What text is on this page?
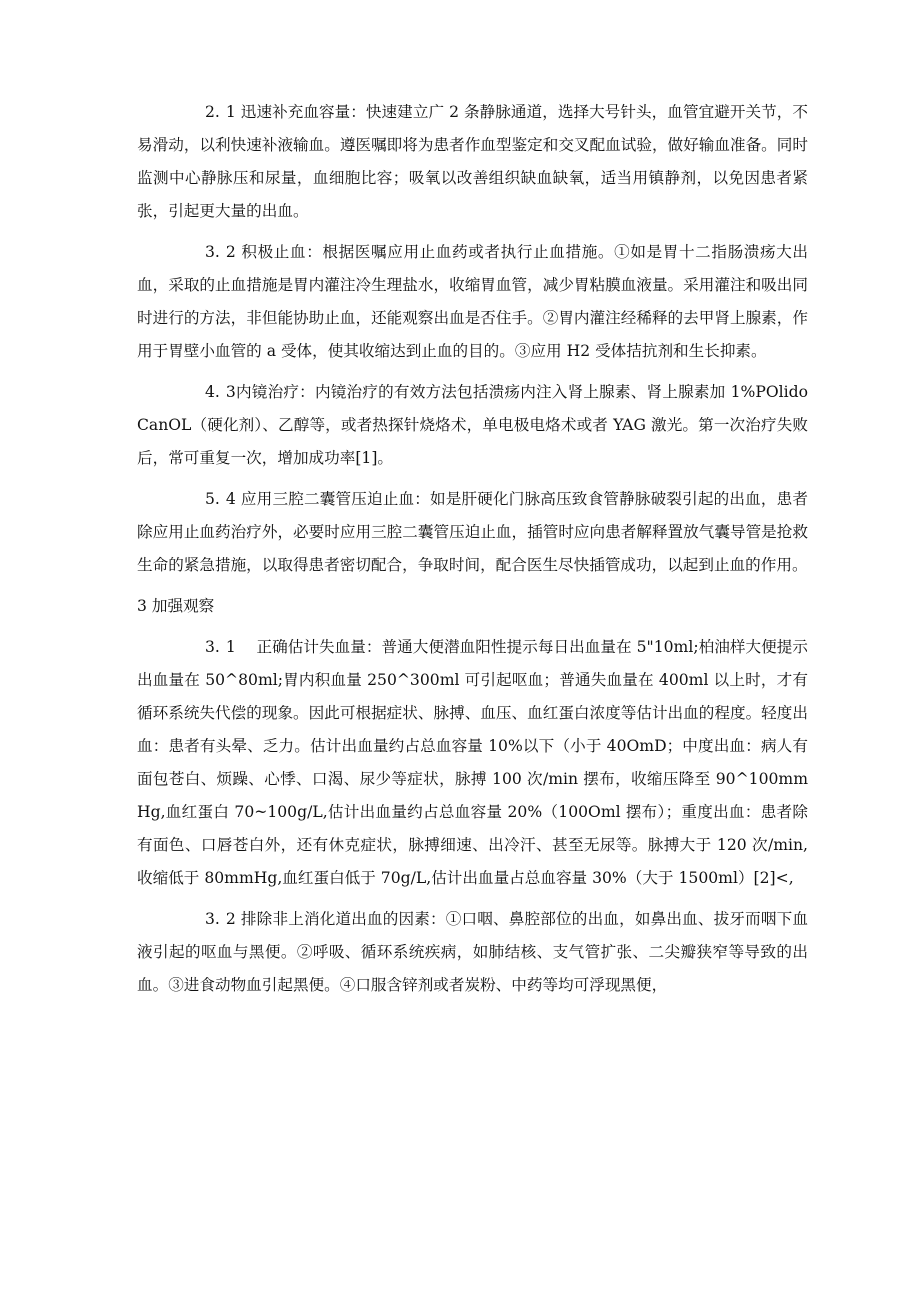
2. 1 迅速补充血容量：快速建立广 2 条静脉通道，选择大号针头，血管宜避开关节，不易滑动，以利快速补液输血。遵医嘱即将为患者作血型鉴定和交叉配血试验，做好输血准备。同时监测中心静脉压和尿量，血细胞比容；吸氧以改善组织缺血缺氧，适当用镇静剂，以免因患者紧张，引起更大量的出血。

3. 2 积极止血：根据医嘱应用止血药或者执行止血措施。①如是胃十二指肠溃疡大出血，采取的止血措施是胃内灌注冷生理盐水，收缩胃血管，减少胃粘膜血液量。采用灌注和吸出同时进行的方法，非但能协助止血，还能观察出血是否住手。②胃内灌注经稀释的去甲肾上腺素，作用于胃壁小血管的 a 受体，使其收缩达到止血的目的。③应用 H2 受体拮抗剂和生长抑素。

4. 3内镜治疗：内镜治疗的有效方法包括溃疡内注入肾上腺素、肾上腺素加 1%POlidoCanOL（硬化剂）、乙醇等，或者热探针烧烙术，单电极电烙术或者 YAG 激光。第一次治疗失败后，常可重复一次，增加成功率[1]。

5. 4 应用三腔二囊管压迫止血：如是肝硬化门脉高压致食管静脉破裂引起的出血，患者除应用止血药治疗外，必要时应用三腔二囊管压迫止血，插管时应向患者解释置放气囊导管是抢救生命的紧急措施，以取得患者密切配合，争取时间，配合医生尽快插管成功，以起到止血的作用。

3 加强观察

3. 1　 正确估计失血量：普通大便潜血阳性提示每日出血量在 5"10ml;柏油样大便提示出血量在 50^80ml;胃内积血量 250^300ml 可引起呕血；普通失血量在 400ml 以上时，才有循环系统失代偿的现象。因此可根据症状、脉搏、血压、血红蛋白浓度等估计出血的程度。轻度出血：患者有头晕、乏力。估计出血量约占总血容量 10%以下（小于 40OmD；中度出血：病人有面包苍白、烦躁、心悸、口渴、尿少等症状，脉搏 100 次/min 摆布，收缩压降至 90^100mmHg,血红蛋白 70~100g/L,估计出血量约占总血容量 20%（100Oml 摆布）；重度出血：患者除有面色、口唇苍白外，还有休克症状，脉搏细速、出冷汗、甚至无尿等。脉搏大于 120 次/min,收缩低于 80mmHg,血红蛋白低于 70g/L,估计出血量占总血容量 30%（大于 1500ml）[2]<,

3. 2 排除非上消化道出血的因素：①口咽、鼻腔部位的出血，如鼻出血、拔牙而咽下血液引起的呕血与黑便。②呼吸、循环系统疾病，如肺结核、支气管扩张、二尖瓣狭窄等导致的出血。③进食动物血引起黑便。④口服含锌剂或者炭粉、中药等均可浮现黑便，
